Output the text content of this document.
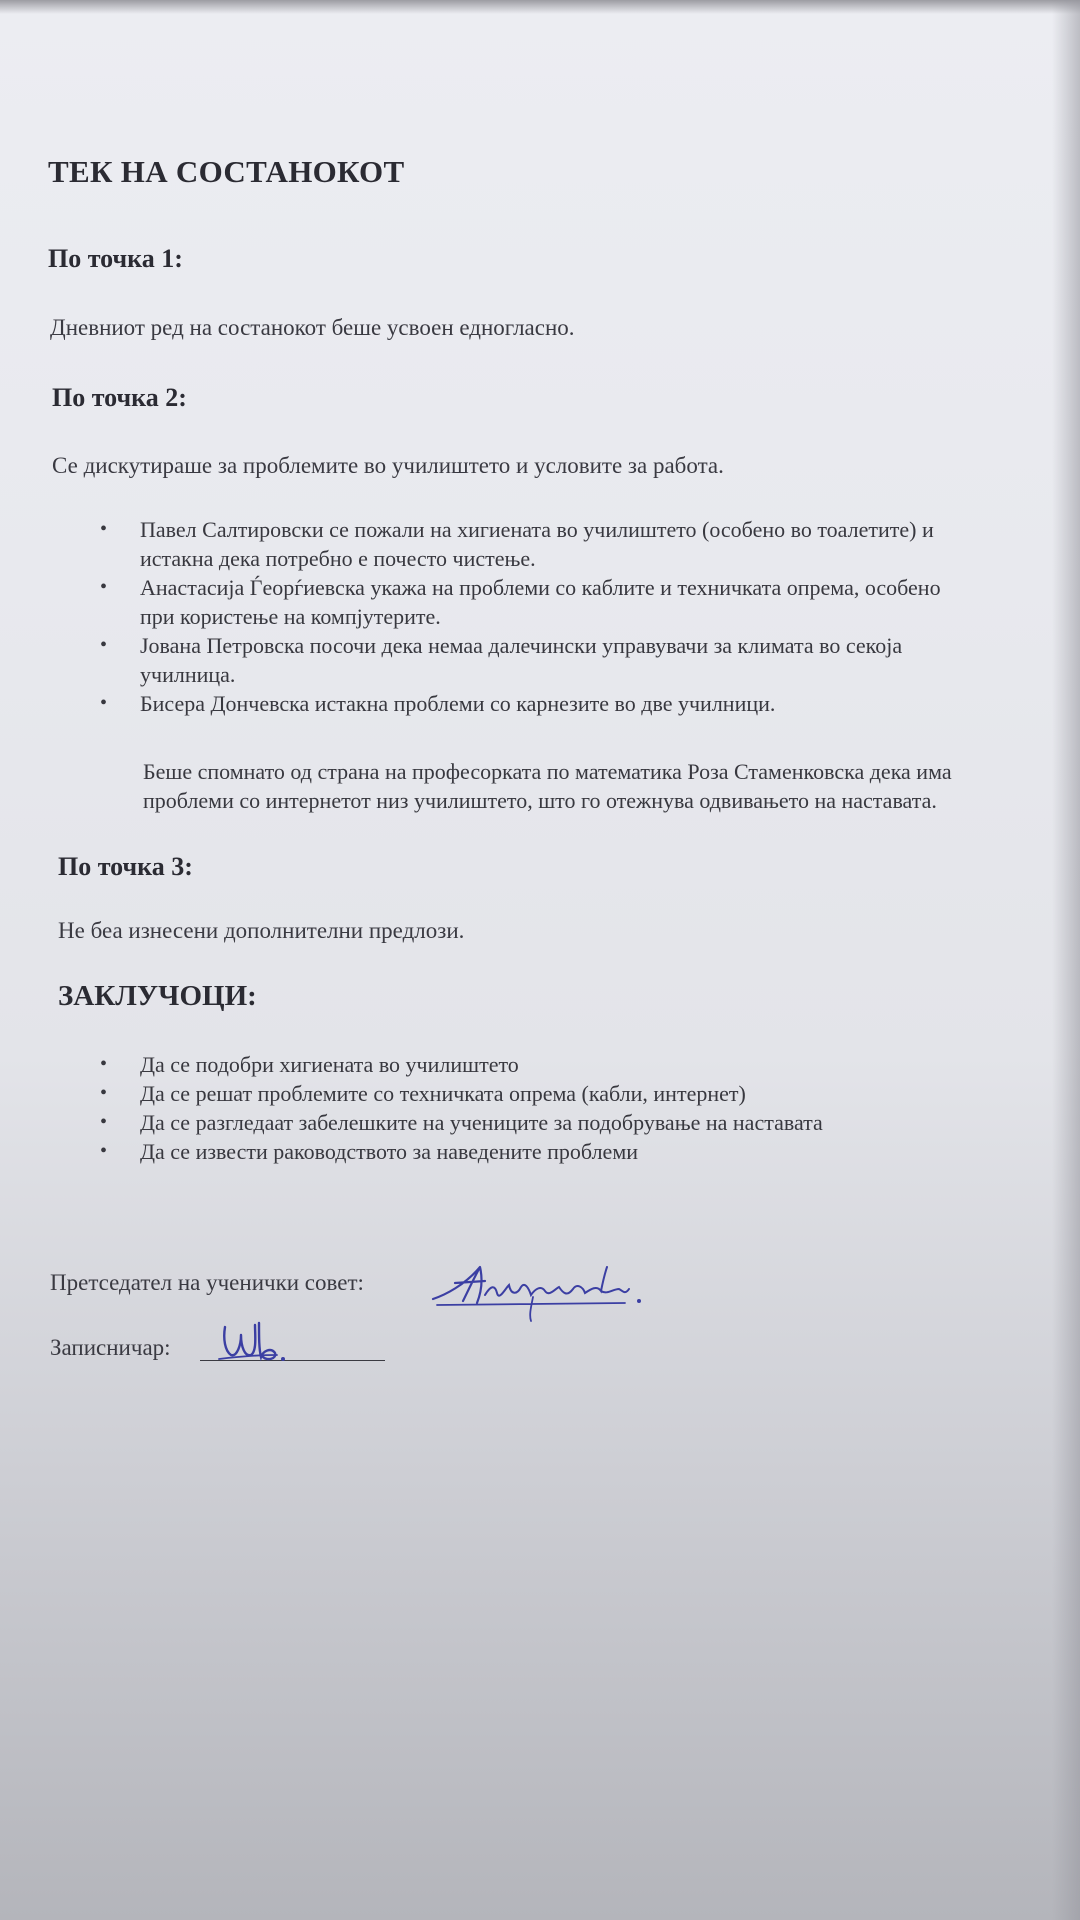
ТЕК НА СОСТАНОКОТ
По точка 1:
Дневниот ред на состанокот беше усвоен едногласно.
По точка 2:
Се дискутираше за проблемите во училиштето и условите за работа.
• Павел Салтировски се пожали на хигиената во училиштето (особено во тоалетите) и
истакна дека потребно е почесто чистење.
• Анастасија Ѓеорѓиевска укажа на проблеми со каблите и техничката опрема, особено
при користење на компјутерите.
• Јована Петровска посочи дека немаа далечински управувачи за климата во секоја
училница.
• Бисера Дончевска истакна проблеми со карнезите во две училници.
Беше спомнато од страна на професорката по математика Роза Стаменковска дека има
проблеми со интернетот низ училиштето, што го отежнува одвивањето на наставата.
По точка 3:
Не беа изнесени дополнителни предлози.
ЗАКЛУЧОЦИ:
• Да се подобри хигиената во училиштето
• Да се решат проблемите со техничката опрема (кабли, интернет)
• Да се разгледаат забелешките на учениците за подобрување на наставата
• Да се извести раководството за наведените проблеми
Претседател на ученички совет:
Записничар:
